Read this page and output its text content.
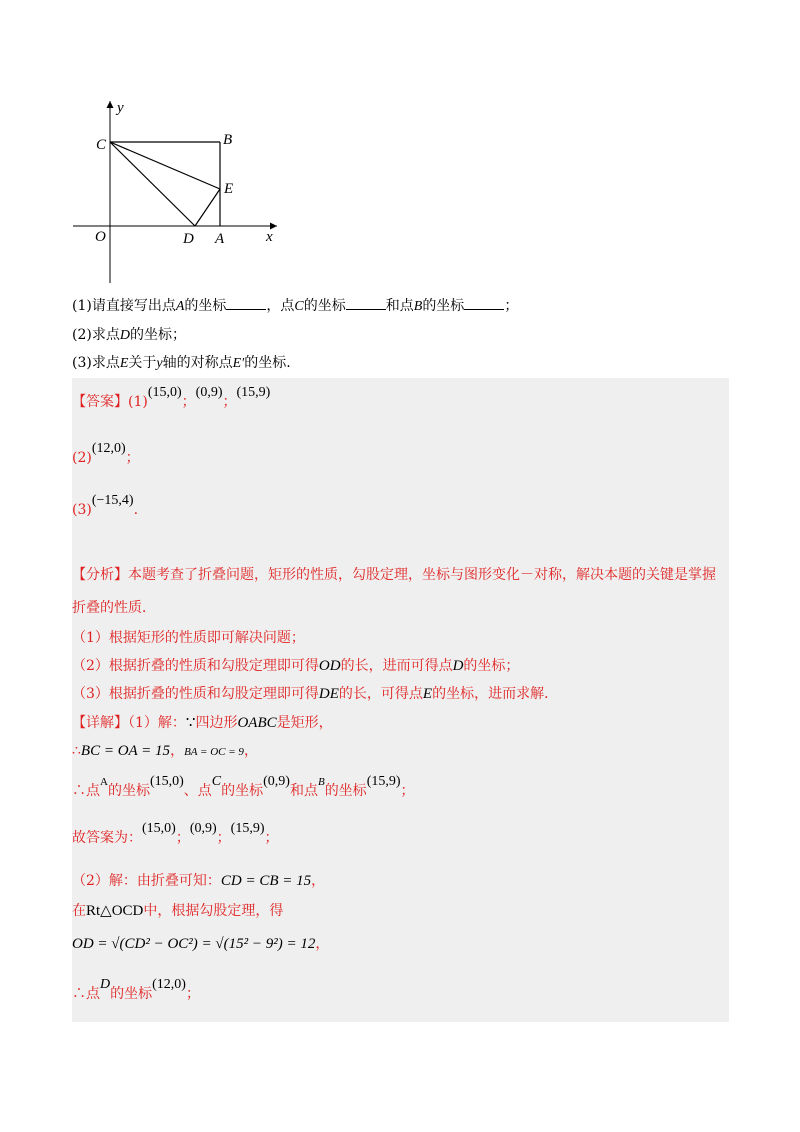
y
x
C	B
E
O	D A
(1)请直接写出点A的坐标	，点C的坐标	和点B的坐标	；
(2)求点D的坐标；
(3)求点E关于y轴的对称点E′的坐标.
【答案】(1)(15,0)；(0,9)；(15,9)
(2)(12,0)；
(3)(−15,4).
【分析】本题考查了折叠问题，矩形的性质，勾股定理，坐标与图形变化－对称，解决本题的关键是掌握
折叠的性质．
（1）根据矩形的性质即可解决问题；
（2）根据折叠的性质和勾股定理即可得OD的长，进而可得点D的坐标；
（3）根据折叠的性质和勾股定理即可得DE的长，可得点E的坐标，进而求解．
【详解】（1）解：∵四边形OABC是矩形，
∴BC = OA = 15，BA = OC = 9，
∴点A的坐标(15,0)、点C的坐标(0,9)和点B的坐标(15,9)；
故答案为：(15,0)；(0,9)；(15,9)；
（2）解：由折叠可知：CD = CB = 15，
在Rt△OCD中，根据勾股定理，得
OD = √(CD² − OC²) = √(15² − 9²) = 12，
∴点D的坐标(12,0)；
